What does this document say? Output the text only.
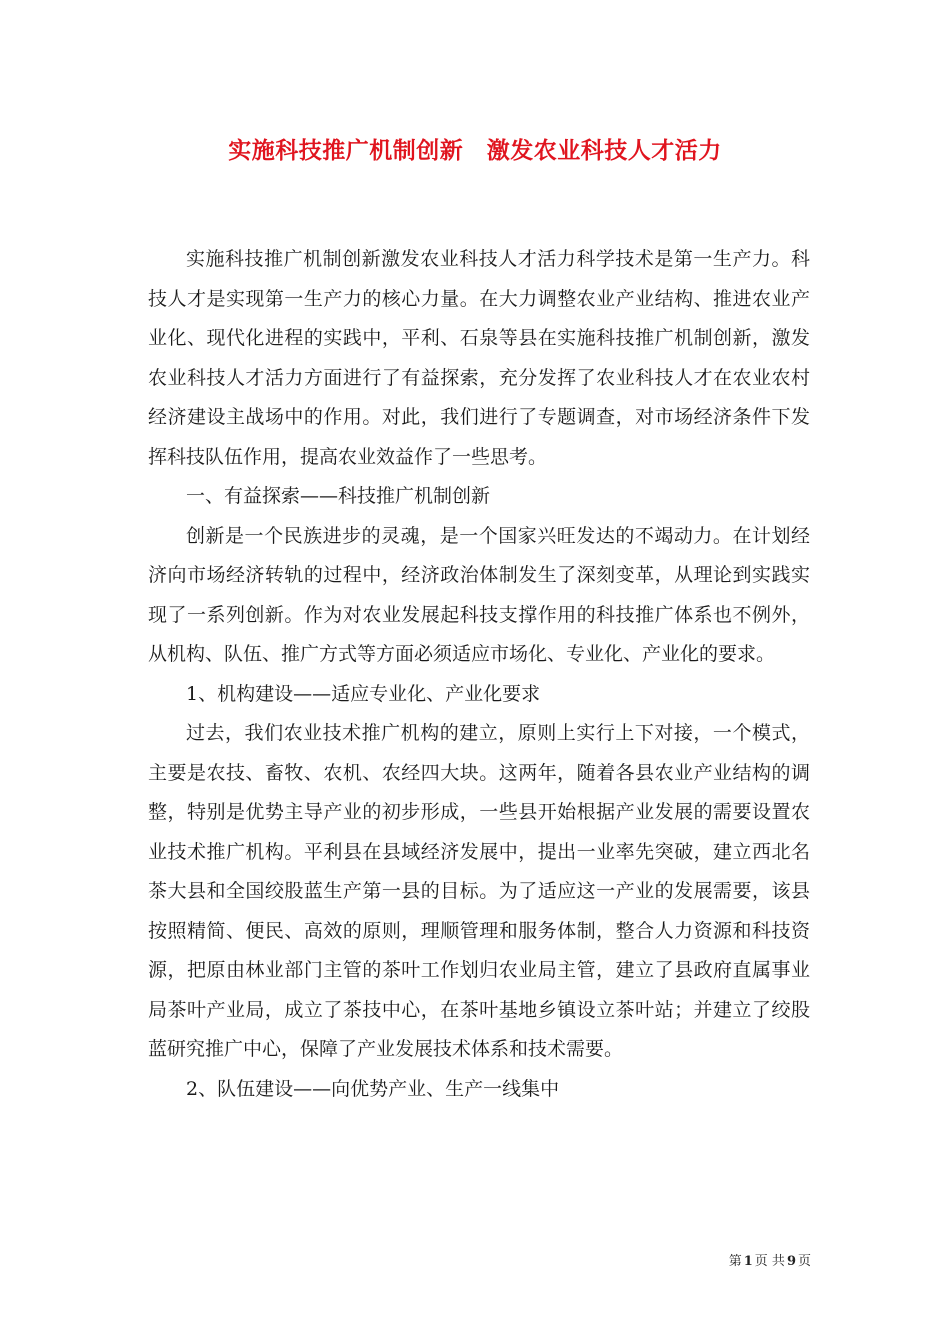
实施科技推广机制创新　激发农业科技人才活力

实施科技推广机制创新激发农业科技人才活力科学技术是第一生产力。科技人才是实现第一生产力的核心力量。在大力调整农业产业结构、推进农业产业化、现代化进程的实践中，平利、石泉等县在实施科技推广机制创新，激发农业科技人才活力方面进行了有益探索，充分发挥了农业科技人才在农业农村经济建设主战场中的作用。对此，我们进行了专题调查，对市场经济条件下发挥科技队伍作用，提高农业效益作了一些思考。

一、有益探索——科技推广机制创新

创新是一个民族进步的灵魂，是一个国家兴旺发达的不竭动力。在计划经济向市场经济转轨的过程中，经济政治体制发生了深刻变革，从理论到实践实现了一系列创新。作为对农业发展起科技支撑作用的科技推广体系也不例外，从机构、队伍、推广方式等方面必须适应市场化、专业化、产业化的要求。

1、机构建设——适应专业化、产业化要求

过去，我们农业技术推广机构的建立，原则上实行上下对接，一个模式，主要是农技、畜牧、农机、农经四大块。这两年，随着各县农业产业结构的调整，特别是优势主导产业的初步形成，一些县开始根据产业发展的需要设置农业技术推广机构。平利县在县域经济发展中，提出一业率先突破，建立西北名茶大县和全国绞股蓝生产第一县的目标。为了适应这一产业的发展需要，该县按照精简、便民、高效的原则，理顺管理和服务体制，整合人力资源和科技资源，把原由林业部门主管的茶叶工作划归农业局主管，建立了县政府直属事业局茶叶产业局，成立了茶技中心，在茶叶基地乡镇设立茶叶站；并建立了绞股蓝研究推广中心，保障了产业发展技术体系和技术需要。

2、队伍建设——向优势产业、生产一线集中

第 1 页 共 9 页
